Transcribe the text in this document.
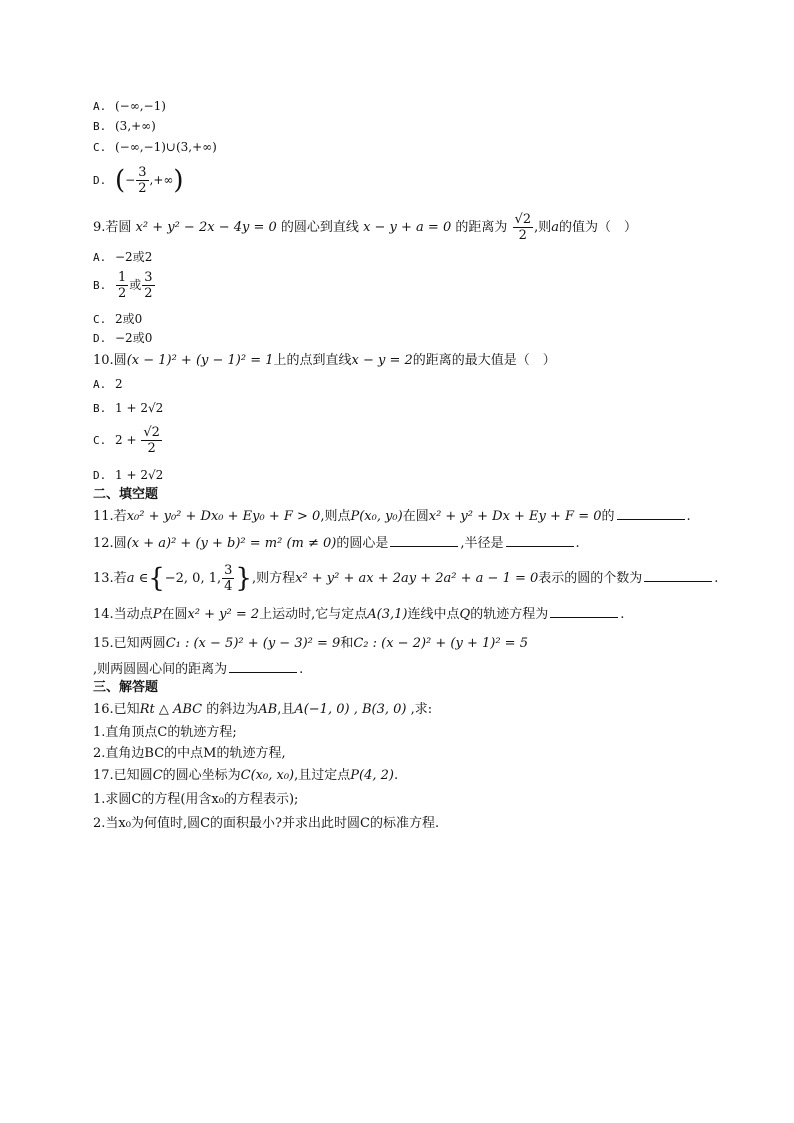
A. (−∞,−1)
B. (3,+∞)
C. (−∞,−1)∪(3,+∞)
D. (− $\frac{3}{2}$ ,+∞)
9.若圆 x² + y² − 2x − 4y = 0 的圆心到直线 x − y + a = 0 的距离为 $\frac{√2}{2}$ ,则a的值为（　）
A. −2或2
B. $\frac{1}{2}$ 或 $\frac{3}{2}$
C. 2或0
D. −2或0
10.圆(x − 1)² + (y − 1)² = 1上的点到直线x − y = 2的距离的最大值是（　）
A. 2
B. 1 + 2√2
C. $2 + \frac{√2}{2}$
D. 1 + 2√2
二、填空题
11.若x₀² + y₀² + Dx₀ + Ey₀ + F > 0,则点P(x₀, y₀)在圆x² + y² + Dx + Ey + F = 0的	.
12.圆(x + a)² + (y + b)² = m² (m ≠ 0)的圆心是	,半径是	.
13.若a ∈{−2, 0, 1, $\frac{3}{4}$ },则方程x² + y² + ax + 2ay + 2a² + a − 1 = 0表示的圆的个数为	.
14.当动点P在圆x² + y² = 2上运动时,它与定点A(3,1)连线中点Q的轨迹方程为	.
15.已知两圆C₁ : (x − 5)² + (y − 3)² = 9和C₂ : (x − 2)² + (y + 1)² = 5
,则两圆圆心间的距离为	.
三、解答题
16.已知Rt △ ABC 的斜边为AB,且A(−1, 0) , B(3, 0) ,求:
1.直角顶点C的轨迹方程;
2.直角边BC的中点M的轨迹方程,
17.已知圆C的圆心坐标为C(x₀, x₀),且过定点P(4, 2).
1.求圆C的方程(用含x₀的方程表示);
2.当x₀为何值时,圆C的面积最小?并求出此时圆C的标准方程.
